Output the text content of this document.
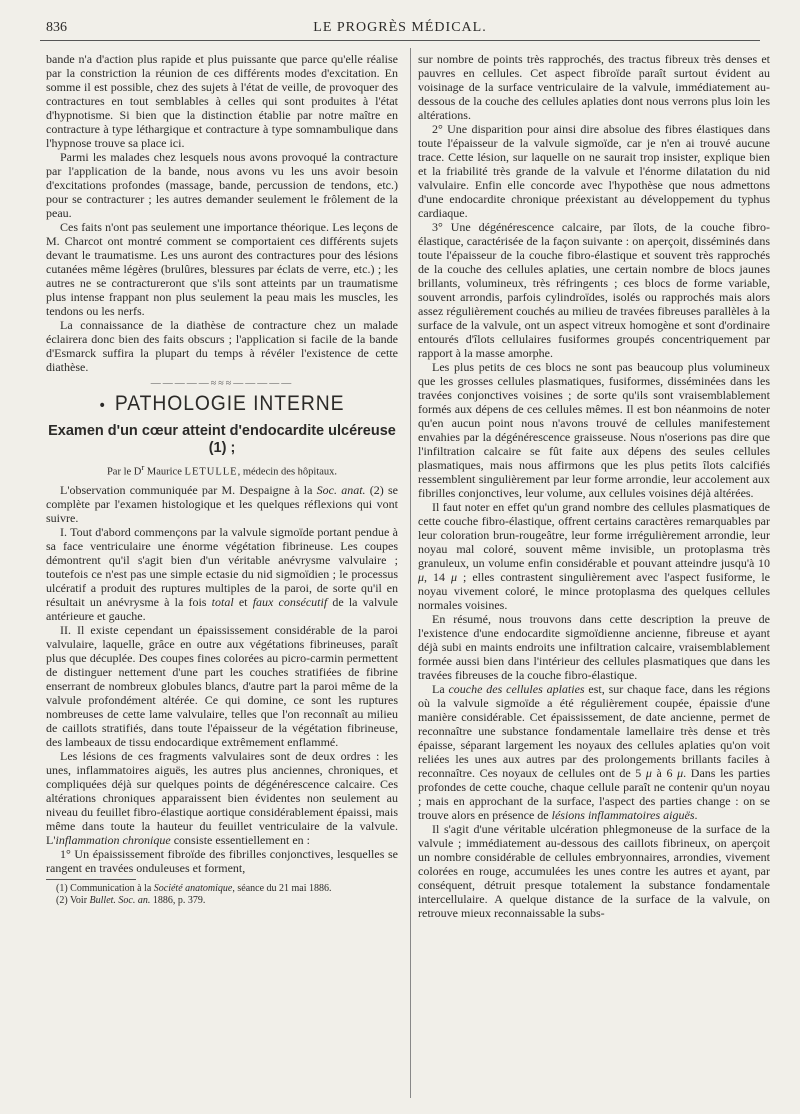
836	LE PROGRÈS MÉDICAL.

bande n'a d'action plus rapide et plus puissante que parce qu'elle réalise par la constriction la réunion de ces différents modes d'excitation. En somme il est possible, chez des sujets à l'état de veille, de provoquer des contractures en tout semblables à celles qui sont produites à l'état d'hypnotisme. Si bien que la distinction établie par notre maître en contracture à type léthargique et contracture à type somnambulique dans l'hypnose trouve sa place ici.

Parmi les malades chez lesquels nous avons provoqué la contracture par l'application de la bande, nous avons vu les uns avoir besoin d'excitations profondes (massage, bande, percussion de tendons, etc.) pour se contracturer ; les autres demander seulement le frôlement de la peau.

Ces faits n'ont pas seulement une importance théorique. Les leçons de M. Charcot ont montré comment se comportaient ces différents sujets devant le traumatisme. Les uns auront des contractures pour des lésions cutanées même légères (brulûres, blessures par éclats de verre, etc.) ; les autres ne se contractureront que s'ils sont atteints par un traumatisme plus intense frappant non plus seulement la peau mais les muscles, les tendons ou les nerfs.

La connaissance de la diathèse de contracture chez un malade éclairera donc bien des faits obscurs ; l'application si facile de la bande d'Esmarck suffira la plupart du temps à révéler l'existence de cette diathèse.

—————≈≈≈—————
• PATHOLOGIE INTERNE
Examen d'un cœur atteint d'endocardite ulcéreuse (1) ;
Par le $D^r$ Maurice LETULLE, médecin des hôpitaux.

L'observation communiquée par M. Despaigne à la Soc. anat. (2) se complète par l'examen histologique et les quelques réflexions qui vont suivre.

I. Tout d'abord commençons par la valvule sigmoïde portant pendue à sa face ventriculaire une énorme végétation fibrineuse. Les coupes démontrent qu'il s'agit bien d'un véritable anévrysme valvulaire ; toutefois ce n'est pas une simple ectasie du nid sigmoïdien ; le processus ulcératif a produit des ruptures multiples de la paroi, de sorte qu'il en résultait un anévrysme à la fois total et faux consécutif de la valvule antérieure et gauche.

II. Il existe cependant un épaississement considérable de la paroi valvulaire, laquelle, grâce en outre aux végétations fibrineuses, paraît plus que décuplée. Des coupes fines colorées au picro-carmin permettent de distinguer nettement d'une part les couches stratifiées de fibrine enserrant de nombreux globules blancs, d'autre part la paroi même de la valvule profondément altérée. Ce qui domine, ce sont les ruptures nombreuses de cette lame valvulaire, telles que l'on reconnaît au milieu de caillots stratifiés, dans toute l'épaisseur de la végétation fibrineuse, des lambeaux de tissu endocardique extrêmement enflammé.

Les lésions de ces fragments valvulaires sont de deux ordres : les unes, inflammatoires aiguës, les autres plus anciennes, chroniques, et compliquées déjà sur quelques points de dégénérescence calcaire. Ces altérations chroniques apparaissent bien évidentes non seulement au niveau du feuillet fibro-élastique aortique considérablement épaissi, mais même dans toute la hauteur du feuillet ventriculaire de la valvule. L'inflammation chronique consiste essentiellement en :

1° Un épaississement fibroïde des fibrilles conjonctives, lesquelles se rangent en travées onduleuses et forment,

(1) Communication à la Société anatomique, séance du 21 mai 1886.

(2) Voir Bullet. Soc. an. 1886, p. 379.

sur nombre de points très rapprochés, des tractus fibreux très denses et pauvres en cellules. Cet aspect fibroïde paraît surtout évident au voisinage de la surface ventriculaire de la valvule, immédiatement au-dessous de la couche des cellules aplaties dont nous verrons plus loin les altérations.

2° Une disparition pour ainsi dire absolue des fibres élastiques dans toute l'épaisseur de la valvule sigmoïde, car je n'en ai trouvé aucune trace. Cette lésion, sur laquelle on ne saurait trop insister, explique bien et la friabilité très grande de la valvule et l'énorme dilatation du nid valvulaire. Enfin elle concorde avec l'hypothèse que nous admettons d'une endocardite chronique préexistant au développement du typhus cardiaque.

3° Une dégénérescence calcaire, par îlots, de la couche fibro-élastique, caractérisée de la façon suivante : on aperçoit, disséminés dans toute l'épaisseur de la couche fibro-élastique et souvent très rapprochés de la couche des cellules aplaties, une certain nombre de blocs jaunes brillants, volumineux, très réfringents ; ces blocs de forme variable, souvent arrondis, parfois cylindroïdes, isolés ou rapprochés mais alors assez régulièrement couchés au milieu de travées fibreuses parallèles à la surface de la valvule, ont un aspect vitreux homogène et sont d'ordinaire entourés d'îlots cellulaires fusiformes groupés concentriquement par rapport à la masse amorphe.

Les plus petits de ces blocs ne sont pas beaucoup plus volumineux que les grosses cellules plasmatiques, fusiformes, disséminées dans les travées conjonctives voisines ; de sorte qu'ils sont vraisemblablement formés aux dépens de ces cellules mêmes. Il est bon néanmoins de noter qu'en aucun point nous n'avons trouvé de cellules manifestement envahies par la dégénérescence graisseuse. Nous n'oserions pas dire que l'infiltration calcaire se fût faite aux dépens des seules cellules plasmatiques, mais nous affirmons que les plus petits îlots calcifiés ressemblent singulièrement par leur forme arrondie, leur accolement aux fibrilles conjonctives, leur volume, aux cellules voisines déjà altérées.

Il faut noter en effet qu'un grand nombre des cellules plasmatiques de cette couche fibro-élastique, offrent certains caractères remarquables par leur coloration brun-rougeâtre, leur forme irrégulièrement arrondie, leur noyau mal coloré, souvent même invisible, un protoplasma très granuleux, un volume enfin considérable et pouvant atteindre jusqu'à 10 μ, 14 μ ; elles contrastent singulièrement avec l'aspect fusiforme, le noyau vivement coloré, le mince protoplasma des quelques cellules normales voisines.

En résumé, nous trouvons dans cette description la preuve de l'existence d'une endocardite sigmoïdienne ancienne, fibreuse et ayant déjà subi en maints endroits une infiltration calcaire, vraisemblablement formée aussi bien dans l'intérieur des cellules plasmatiques que dans les travées fibreuses de la couche fibro-élastique.

La couche des cellules aplaties est, sur chaque face, dans les régions où la valvule sigmoïde a été régulièrement coupée, épaissie d'une manière considérable. Cet épaississement, de date ancienne, permet de reconnaître une substance fondamentale lamellaire très dense et très épaisse, séparant largement les noyaux des cellules aplaties qu'on voit reliées les unes aux autres par des prolongements brillants faciles à reconnaître. Ces noyaux de cellules ont de 5 μ à 6 μ. Dans les parties profondes de cette couche, chaque cellule paraît ne contenir qu'un noyau ; mais en approchant de la surface, l'aspect des parties change : on se trouve alors en présence de lésions inflammatoires aiguës.

Il s'agit d'une véritable ulcération phlegmoneuse de la surface de la valvule ; immédiatement au-dessous des caillots fibrineux, on aperçoit un nombre considérable de cellules embryonnaires, arrondies, vivement colorées en rouge, accumulées les unes contre les autres et ayant, par conséquent, détruit presque totalement la substance fondamentale intercellulaire. A quelque distance de la surface de la valvule, on retrouve mieux reconnaissable la subs-
